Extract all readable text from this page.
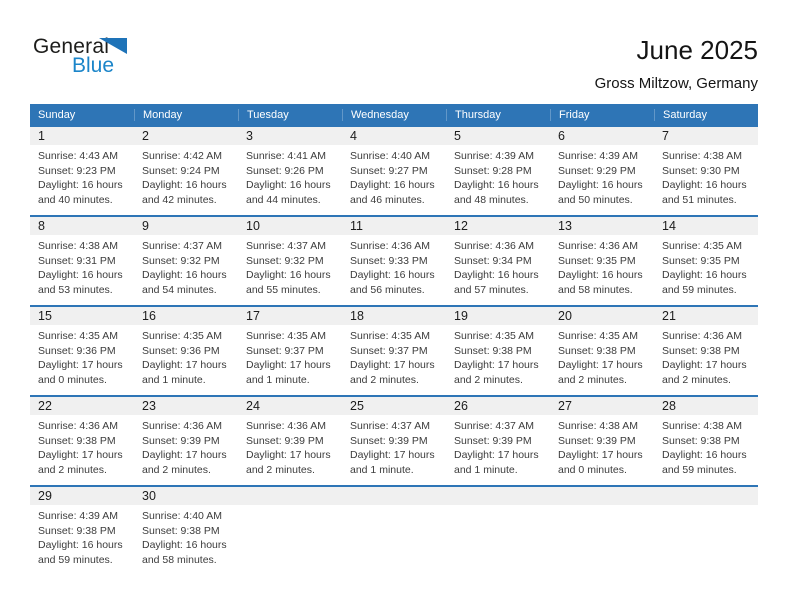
General
Blue
June 2025
Gross Miltzow, Germany
Sunday	Monday	Tuesday	Wednesday	Thursday	Friday	Saturday
1	2	3	4	5	6	7
Sunrise: 4:43 AM
Sunset: 9:23 PM
Daylight: 16 hours and 40 minutes.
Sunrise: 4:42 AM
Sunset: 9:24 PM
Daylight: 16 hours and 42 minutes.
Sunrise: 4:41 AM
Sunset: 9:26 PM
Daylight: 16 hours and 44 minutes.
Sunrise: 4:40 AM
Sunset: 9:27 PM
Daylight: 16 hours and 46 minutes.
Sunrise: 4:39 AM
Sunset: 9:28 PM
Daylight: 16 hours and 48 minutes.
Sunrise: 4:39 AM
Sunset: 9:29 PM
Daylight: 16 hours and 50 minutes.
Sunrise: 4:38 AM
Sunset: 9:30 PM
Daylight: 16 hours and 51 minutes.
8	9	10	11	12	13	14
Sunrise: 4:38 AM
Sunset: 9:31 PM
Daylight: 16 hours and 53 minutes.
Sunrise: 4:37 AM
Sunset: 9:32 PM
Daylight: 16 hours and 54 minutes.
Sunrise: 4:37 AM
Sunset: 9:32 PM
Daylight: 16 hours and 55 minutes.
Sunrise: 4:36 AM
Sunset: 9:33 PM
Daylight: 16 hours and 56 minutes.
Sunrise: 4:36 AM
Sunset: 9:34 PM
Daylight: 16 hours and 57 minutes.
Sunrise: 4:36 AM
Sunset: 9:35 PM
Daylight: 16 hours and 58 minutes.
Sunrise: 4:35 AM
Sunset: 9:35 PM
Daylight: 16 hours and 59 minutes.
15	16	17	18	19	20	21
Sunrise: 4:35 AM
Sunset: 9:36 PM
Daylight: 17 hours and 0 minutes.
Sunrise: 4:35 AM
Sunset: 9:36 PM
Daylight: 17 hours and 1 minute.
Sunrise: 4:35 AM
Sunset: 9:37 PM
Daylight: 17 hours and 1 minute.
Sunrise: 4:35 AM
Sunset: 9:37 PM
Daylight: 17 hours and 2 minutes.
Sunrise: 4:35 AM
Sunset: 9:38 PM
Daylight: 17 hours and 2 minutes.
Sunrise: 4:35 AM
Sunset: 9:38 PM
Daylight: 17 hours and 2 minutes.
Sunrise: 4:36 AM
Sunset: 9:38 PM
Daylight: 17 hours and 2 minutes.
22	23	24	25	26	27	28
Sunrise: 4:36 AM
Sunset: 9:38 PM
Daylight: 17 hours and 2 minutes.
Sunrise: 4:36 AM
Sunset: 9:39 PM
Daylight: 17 hours and 2 minutes.
Sunrise: 4:36 AM
Sunset: 9:39 PM
Daylight: 17 hours and 2 minutes.
Sunrise: 4:37 AM
Sunset: 9:39 PM
Daylight: 17 hours and 1 minute.
Sunrise: 4:37 AM
Sunset: 9:39 PM
Daylight: 17 hours and 1 minute.
Sunrise: 4:38 AM
Sunset: 9:39 PM
Daylight: 17 hours and 0 minutes.
Sunrise: 4:38 AM
Sunset: 9:38 PM
Daylight: 16 hours and 59 minutes.
29	30
Sunrise: 4:39 AM
Sunset: 9:38 PM
Daylight: 16 hours and 59 minutes.
Sunrise: 4:40 AM
Sunset: 9:38 PM
Daylight: 16 hours and 58 minutes.
